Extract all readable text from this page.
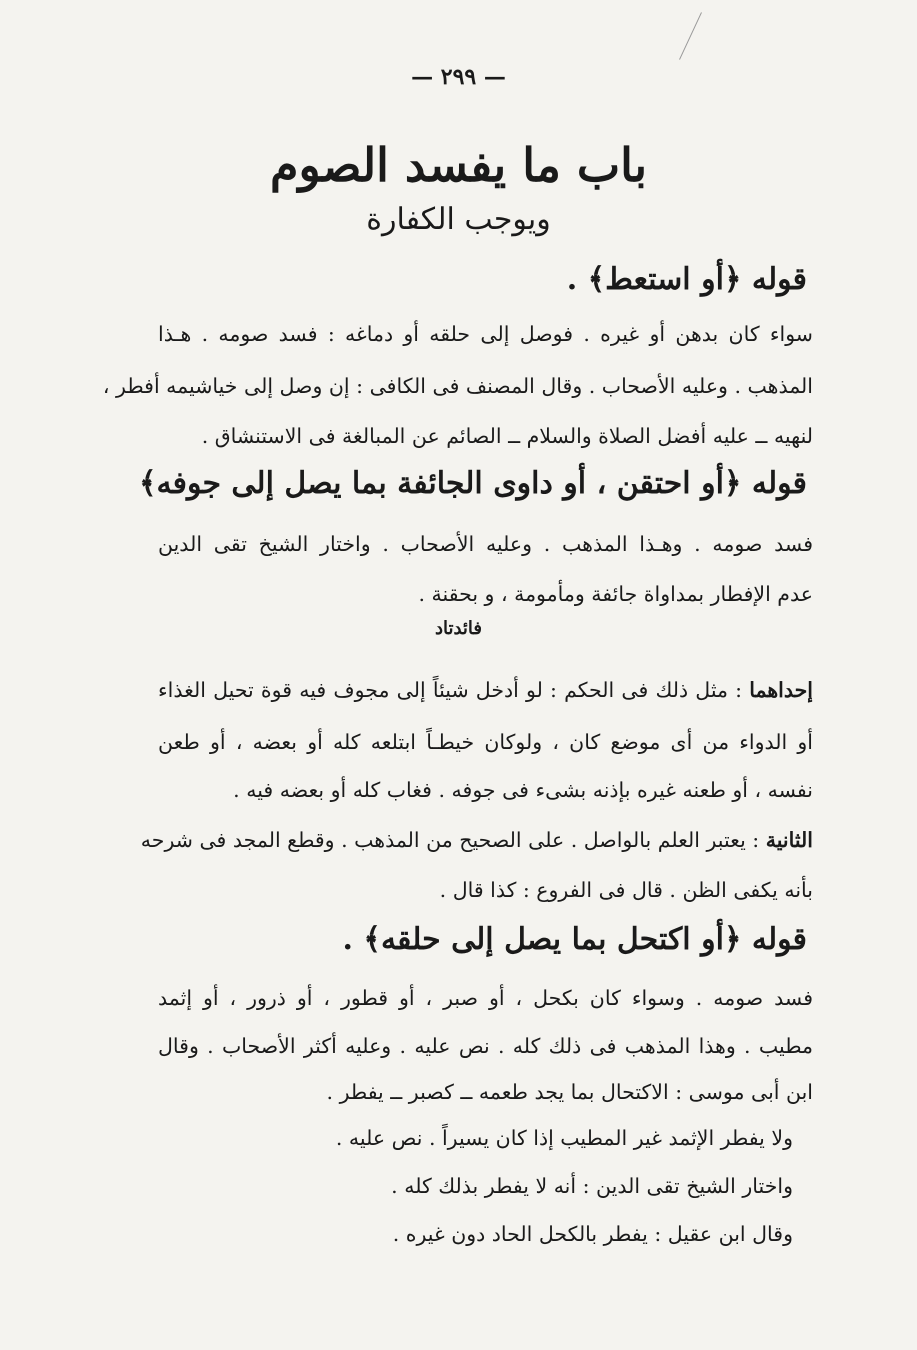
— ٢٩٩ —
باب ما يفسد الصوم
ويوجب الكفارة
قوله ﴿أو استعط﴾ .
سواء كان بدهن أو غيره . فوصل إلى حلقه أو دماغه : فسد صومه . هـذا
المذهب . وعليه الأصحاب . وقال المصنف فى الكافى : إن وصل إلى خياشيمه أفطر ،
لنهيه ــ عليه أفضل الصلاة والسلام ــ الصائم عن المبالغة فى الاستنشاق .
قوله ﴿أو احتقن ، أو داوى الجائفة بما يصل إلى جوفه﴾
فسد صومه . وهـذا المذهب . وعليه الأصحاب . واختار الشيخ تقى الدين
عدم الإفطار بمداواة جائفة ومأمومة ، و بحقنة .
فائدتاد
إحداهما : مثل ذلك فى الحكم : لو أدخل شيئاً إلى مجوف فيه قوة تحيل الغذاء
أو الدواء من أى موضع كان ، ولوكان خيطـاً ابتلعه كله أو بعضه ، أو طعن
نفسه ، أو طعنه غيره بإذنه بشىء فى جوفه . فغاب كله أو بعضه فيه .
الثانية : يعتبر العلم بالواصل . على الصحيح من المذهب . وقطع المجد فى شرحه
بأنه يكفى الظن . قال فى الفروع : كذا قال .
قوله ﴿أو اكتحل بما يصل إلى حلقه﴾ .
فسد صومه . وسواء كان بكحل ، أو صبر ، أو قطور ، أو ذرور ، أو إثمد
مطيب . وهذا المذهب فى ذلك كله . نص عليه . وعليه أكثر الأصحاب . وقال
ابن أبى موسى : الاكتحال بما يجد طعمه ــ كصبر ــ يفطر .
ولا يفطر الإثمد غير المطيب إذا كان يسيراً . نص عليه .
واختار الشيخ تقى الدين : أنه لا يفطر بذلك كله .
وقال ابن عقيل : يفطر بالكحل الحاد دون غيره .
